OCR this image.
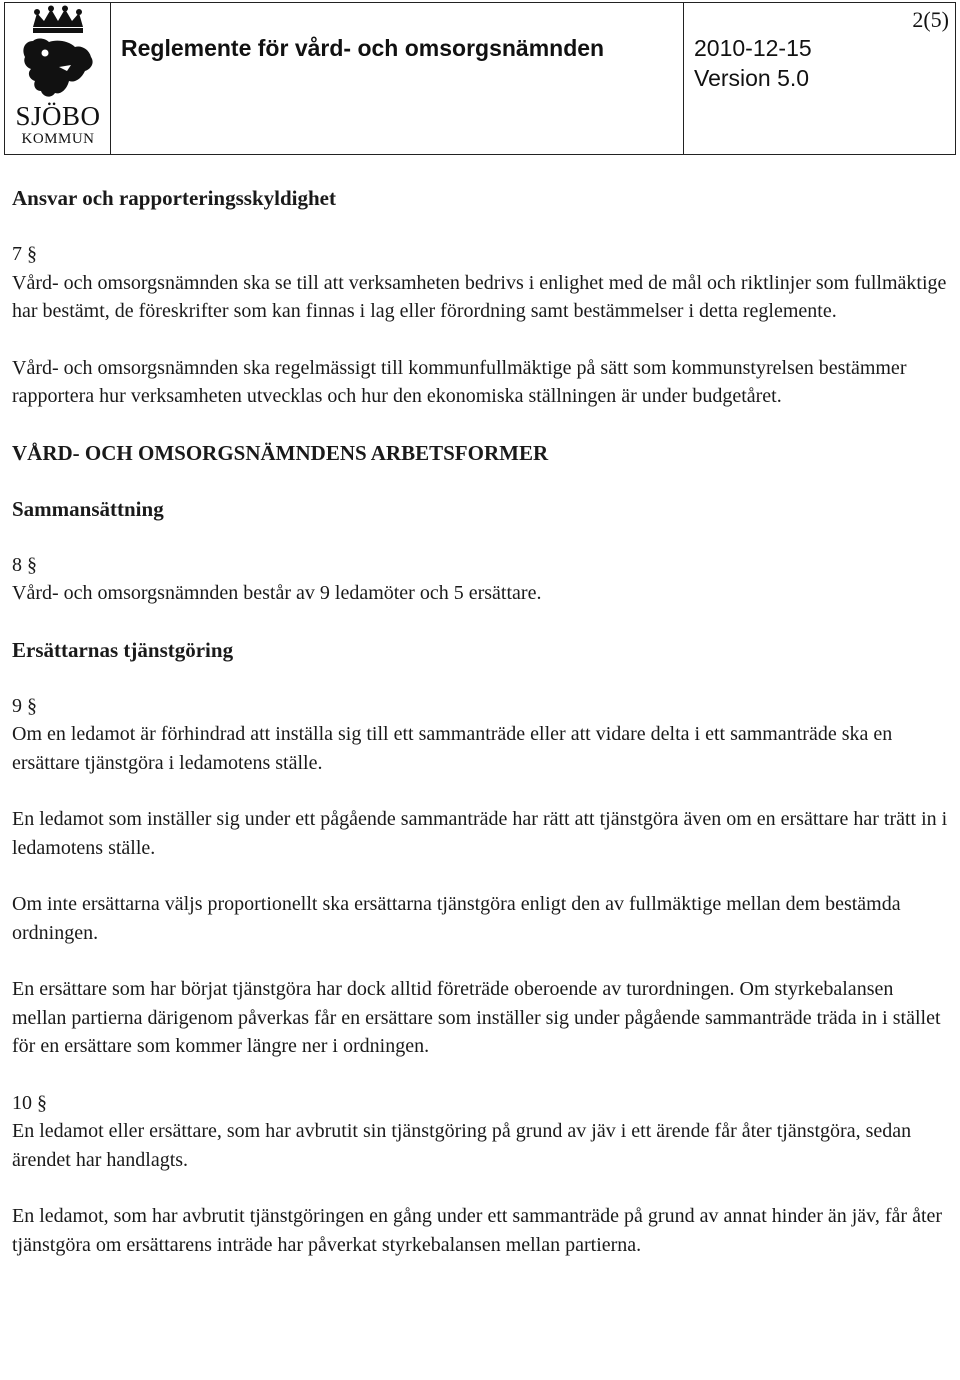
SJÖBO
KOMMUN
Reglemente för vård- och omsorgsnämnden
2(5)
2010-12-15
Version 5.0

Ansvar och rapporteringsskyldighet

7 §

Vård- och omsorgsnämnden ska se till att verksamheten bedrivs i enlighet med de mål och riktlinjer som fullmäktige har bestämt, de föreskrifter som kan finnas i lag eller förordning samt bestämmelser i detta reglemente.

Vård- och omsorgsnämnden ska regelmässigt till kommunfullmäktige på sätt som kommunstyrelsen bestämmer rapportera hur verksamheten utvecklas och hur den ekonomiska ställningen är under budgetåret.

VÅRD- OCH OMSORGSNÄMNDENS ARBETSFORMER

Sammansättning

8 §

Vård- och omsorgsnämnden består av 9 ledamöter och 5 ersättare.

Ersättarnas tjänstgöring

9 §

Om en ledamot är förhindrad att inställa sig till ett sammanträde eller att vidare delta i ett sammanträde ska en ersättare tjänstgöra i ledamotens ställe.

En ledamot som inställer sig under ett pågående sammanträde har rätt att tjänstgöra även om en ersättare har trätt in i ledamotens ställe.

Om inte ersättarna väljs proportionellt ska ersättarna tjänstgöra enligt den av fullmäktige mellan dem bestämda ordningen.

En ersättare som har börjat tjänstgöra har dock alltid företräde oberoende av turordningen. Om styrkebalansen mellan partierna därigenom påverkas får en ersättare som inställer sig under pågående sammanträde träda in i stället för en ersättare som kommer längre ner i ordningen.

10 §

En ledamot eller ersättare, som har avbrutit sin tjänstgöring på grund av jäv i ett ärende får åter tjänstgöra, sedan ärendet har handlagts.

En ledamot, som har avbrutit tjänstgöringen en gång under ett sammanträde på grund av annat hinder än jäv, får åter tjänstgöra om ersättarens inträde har påverkat styrkebalansen mellan partierna.
